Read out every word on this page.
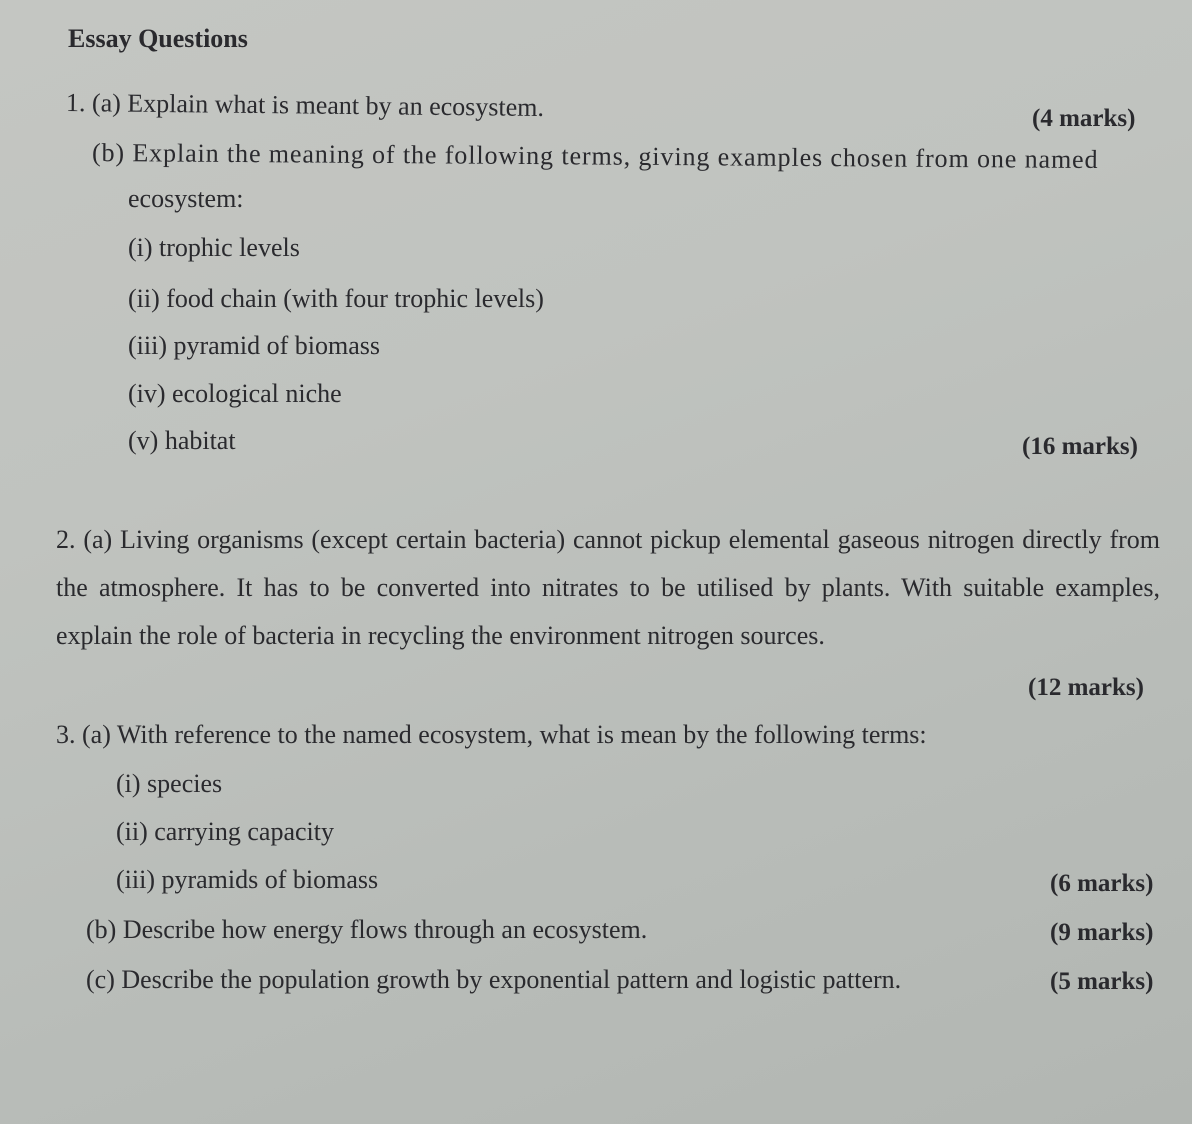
Essay Questions
1. (a) Explain what is meant by an ecosystem.	(4 marks)
(b) Explain the meaning of the following terms, giving examples chosen from one named
ecosystem:
(i) trophic levels
(ii) food chain (with four trophic levels)
(iii) pyramid of biomass
(iv) ecological niche
(v) habitat	(16 marks)
2. (a) Living organisms (except certain bacteria) cannot pickup elemental gaseous nitrogen directly from the atmosphere. It has to be converted into nitrates to be utilised by plants. With suitable examples, explain the role of bacteria in recycling the environment nitrogen sources.
(12 marks)
3. (a) With reference to the named ecosystem, what is mean by the following terms:
(i) species
(ii) carrying capacity
(iii) pyramids of biomass	(6 marks)
(b) Describe how energy flows through an ecosystem.	(9 marks)
(c) Describe the population growth by exponential pattern and logistic pattern.	(5 marks)
